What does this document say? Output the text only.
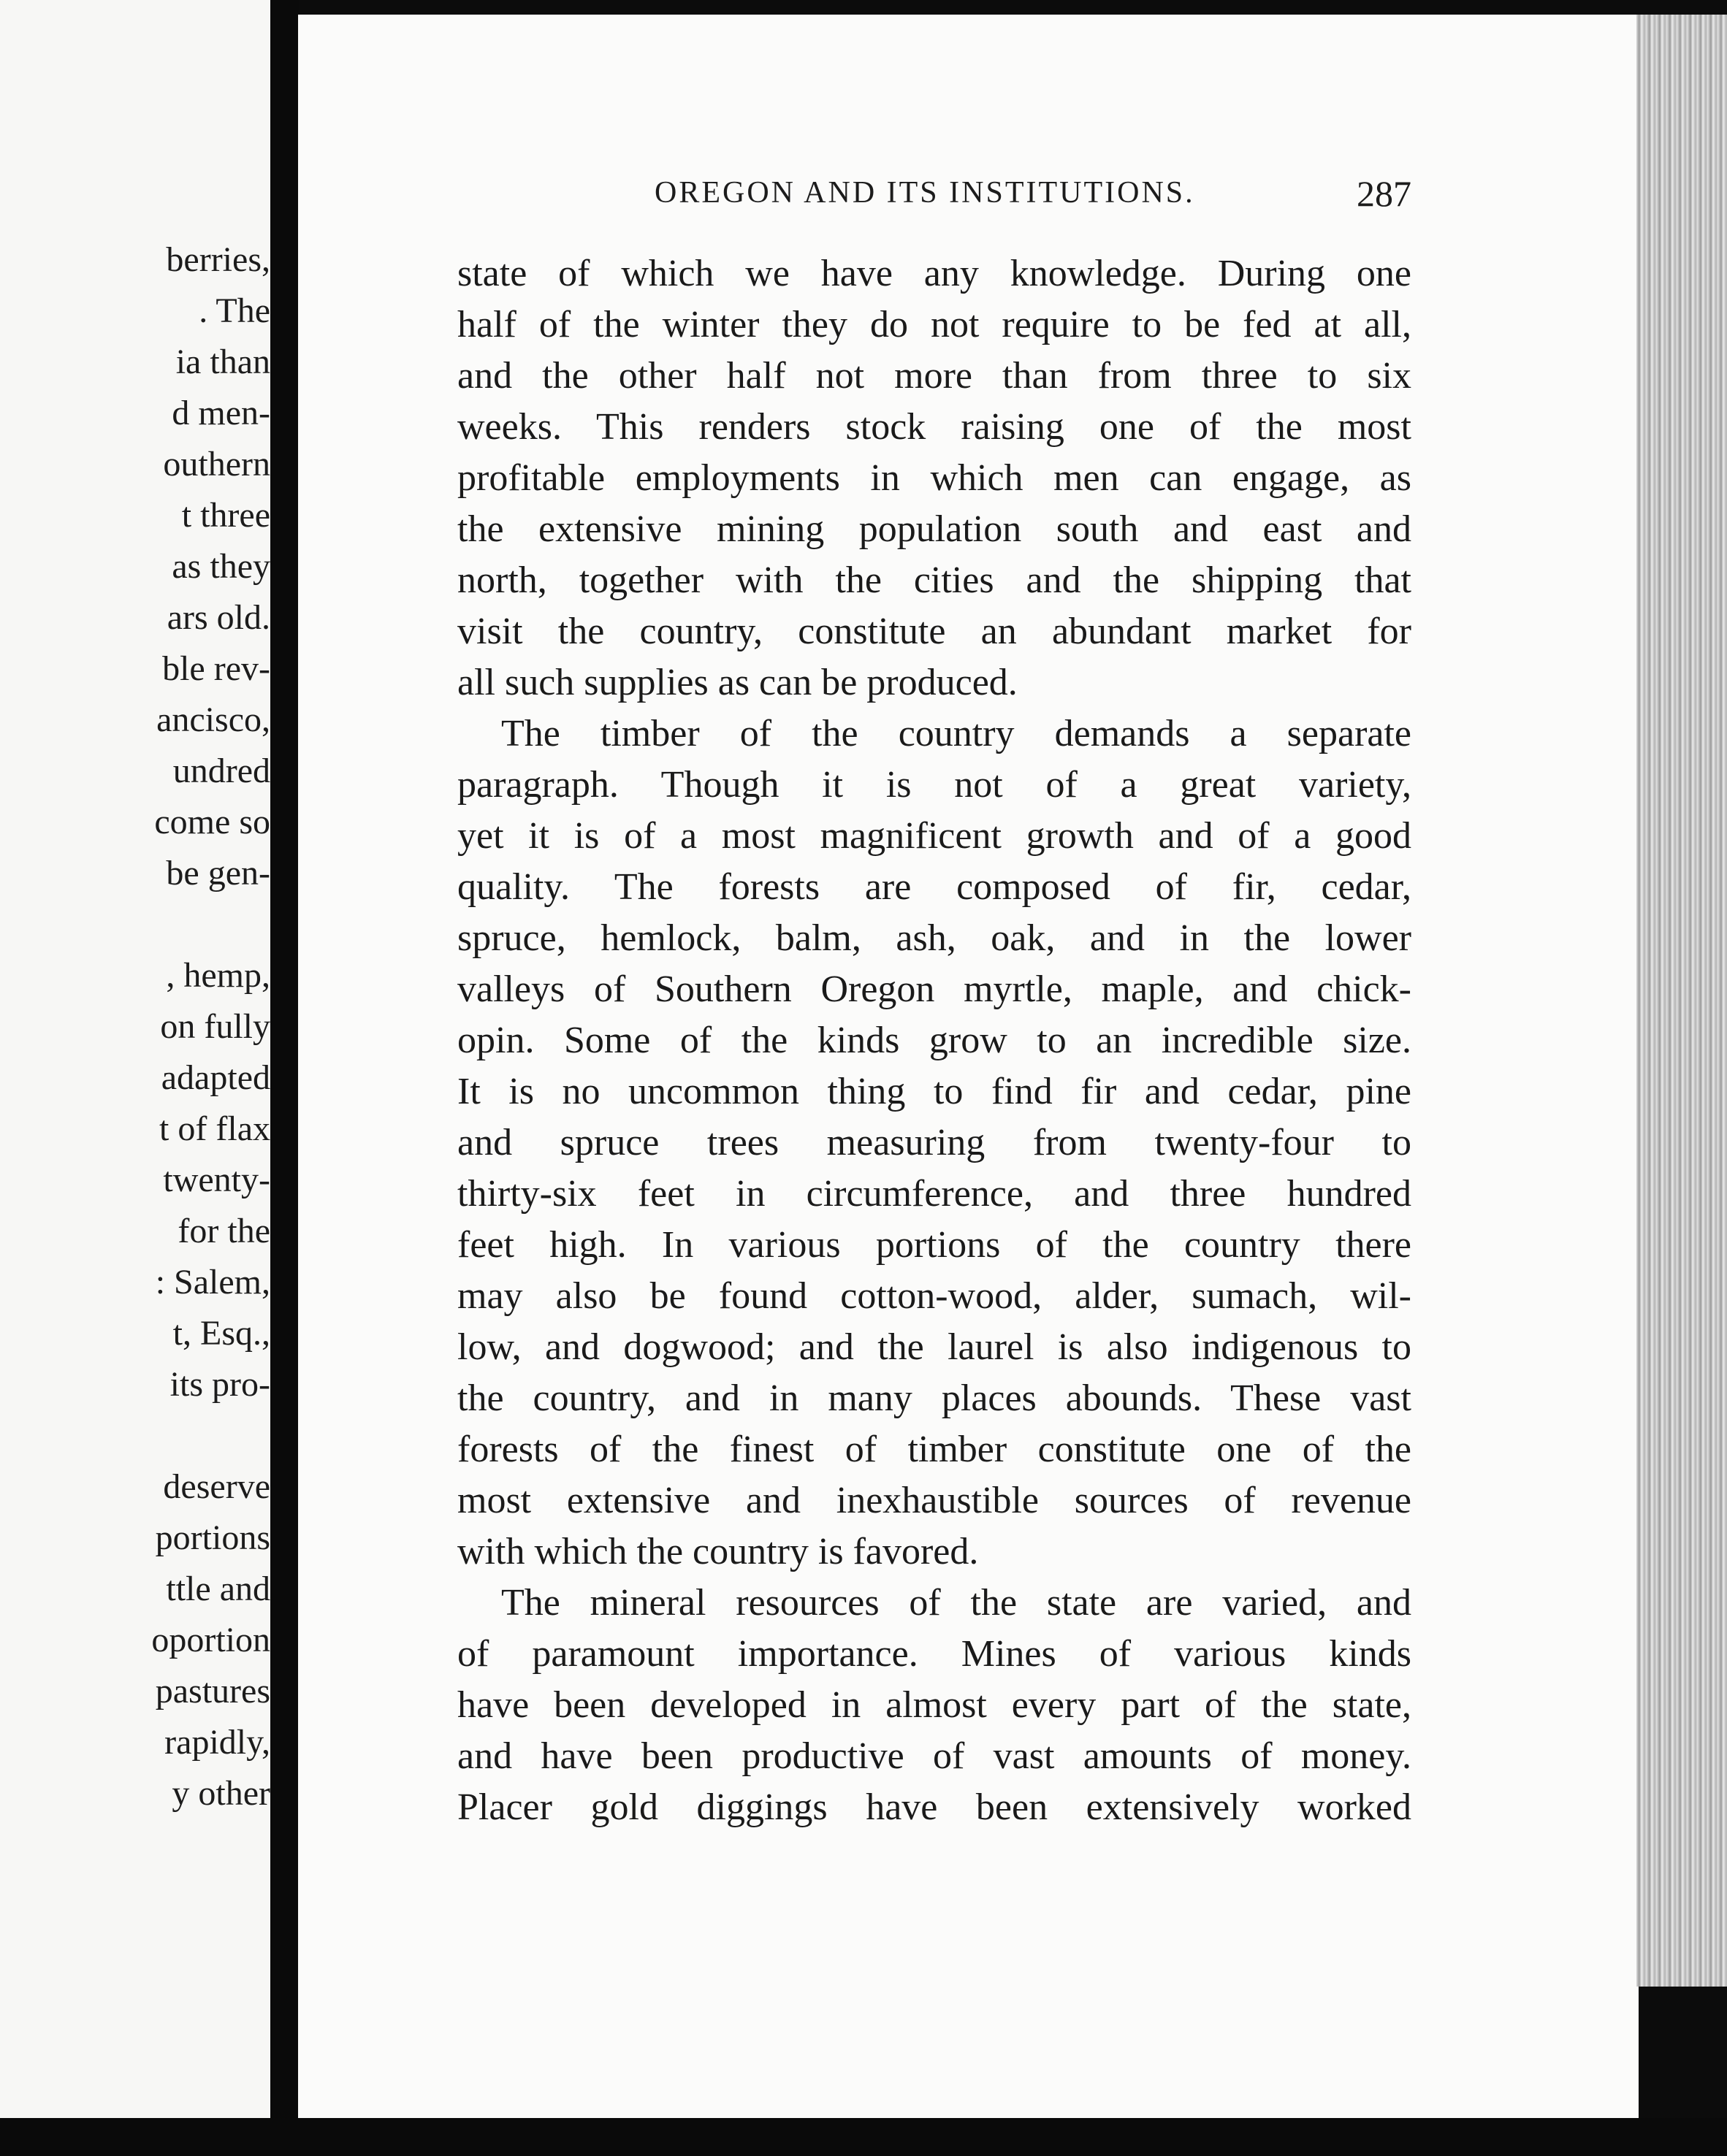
berries,
. The
ia than
d men-
outhern
t three
as they
ars old.
ble rev-
ancisco,
undred
come so
be gen-
, hemp,
on fully
adapted
t of flax
twenty-
for the
: Salem,
t, Esq.,
its pro-
deserve
portions
ttle and
oportion
pastures
rapidly,
y other
OREGON AND ITS INSTITUTIONS.	287
state of which we have any knowledge. During one
half of the winter they do not require to be fed at all,
and the other half not more than from three to six
weeks. This renders stock raising one of the most
profitable employments in which men can engage, as
the extensive mining population south and east and
north, together with the cities and the shipping that
visit the country, constitute an abundant market for
all such supplies as can be produced.
The timber of the country demands a separate
paragraph. Though it is not of a great variety,
yet it is of a most magnificent growth and of a good
quality. The forests are composed of fir, cedar,
spruce, hemlock, balm, ash, oak, and in the lower
valleys of Southern Oregon myrtle, maple, and chick-
opin. Some of the kinds grow to an incredible size.
It is no uncommon thing to find fir and cedar, pine
and spruce trees measuring from twenty-four to
thirty-six feet in circumference, and three hundred
feet high. In various portions of the country there
may also be found cotton-wood, alder, sumach, wil-
low, and dogwood; and the laurel is also indigenous to
the country, and in many places abounds. These vast
forests of the finest of timber constitute one of the
most extensive and inexhaustible sources of revenue
with which the country is favored.
The mineral resources of the state are varied, and
of paramount importance. Mines of various kinds
have been developed in almost every part of the state,
and have been productive of vast amounts of money.
Placer gold diggings have been extensively worked
